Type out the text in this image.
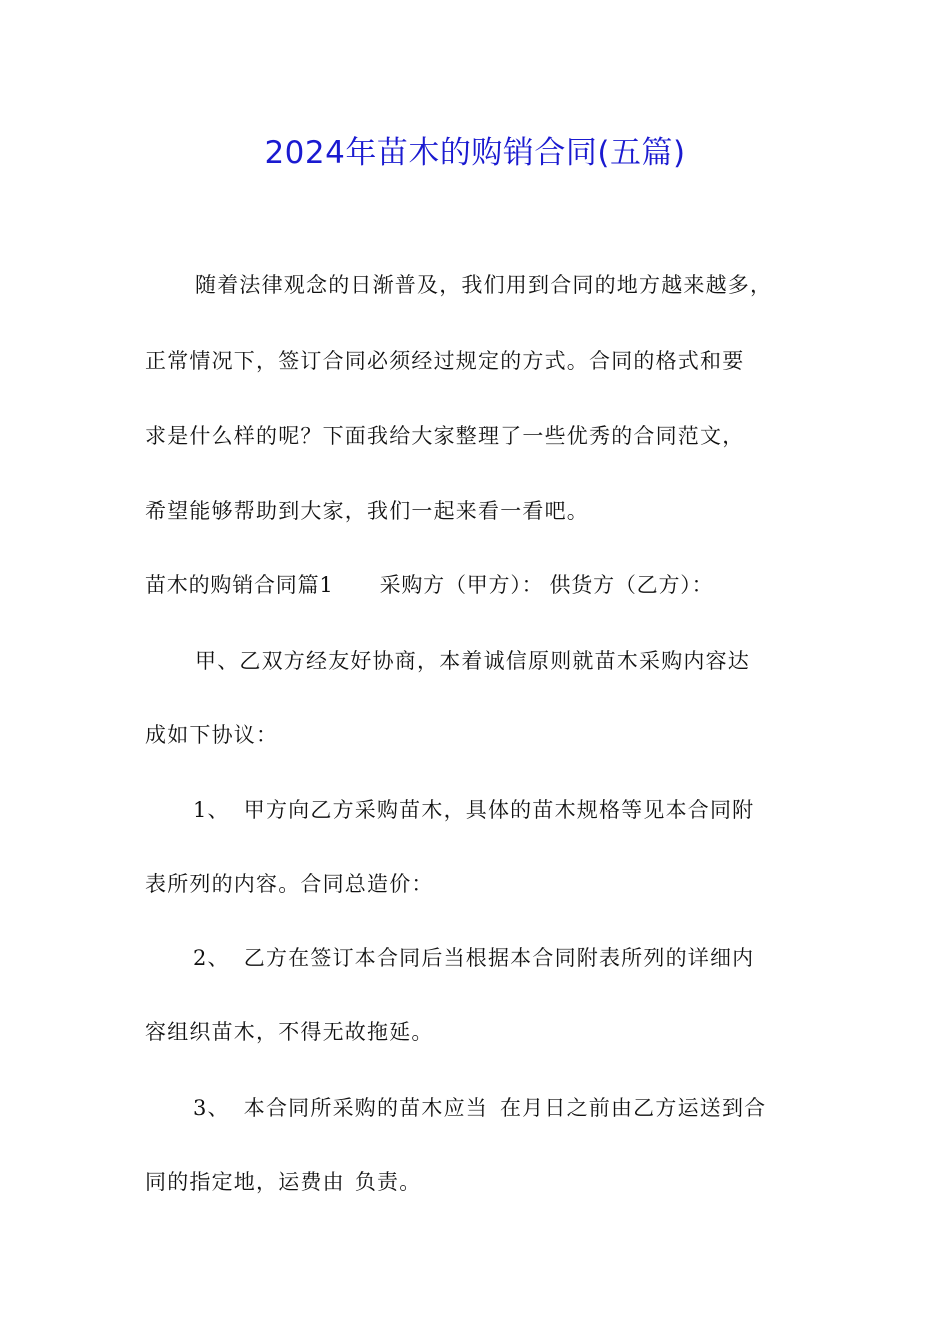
2024年苗木的购销合同(五篇)
随着法律观念的日渐普及，我们用到合同的地方越来越多，
正常情况下，签订合同必须经过规定的方式。合同的格式和要
求是什么样的呢？下面我给大家整理了一些优秀的合同范文，
希望能够帮助到大家，我们一起来看一看吧。
苗木的购销合同篇1 采购方（甲方）： 供货方（乙方）：
甲、乙双方经友好协商，本着诚信原则就苗木采购内容达
成如下协议：
1、 甲方向乙方采购苗木，具体的苗木规格等见本合同附
表所列的内容。合同总造价：
2、 乙方在签订本合同后当根据本合同附表所列的详细内
容组织苗木，不得无故拖延。
3、 本合同所采购的苗木应当 在月日之前由乙方运送到合
同的指定地，运费由 负责。
